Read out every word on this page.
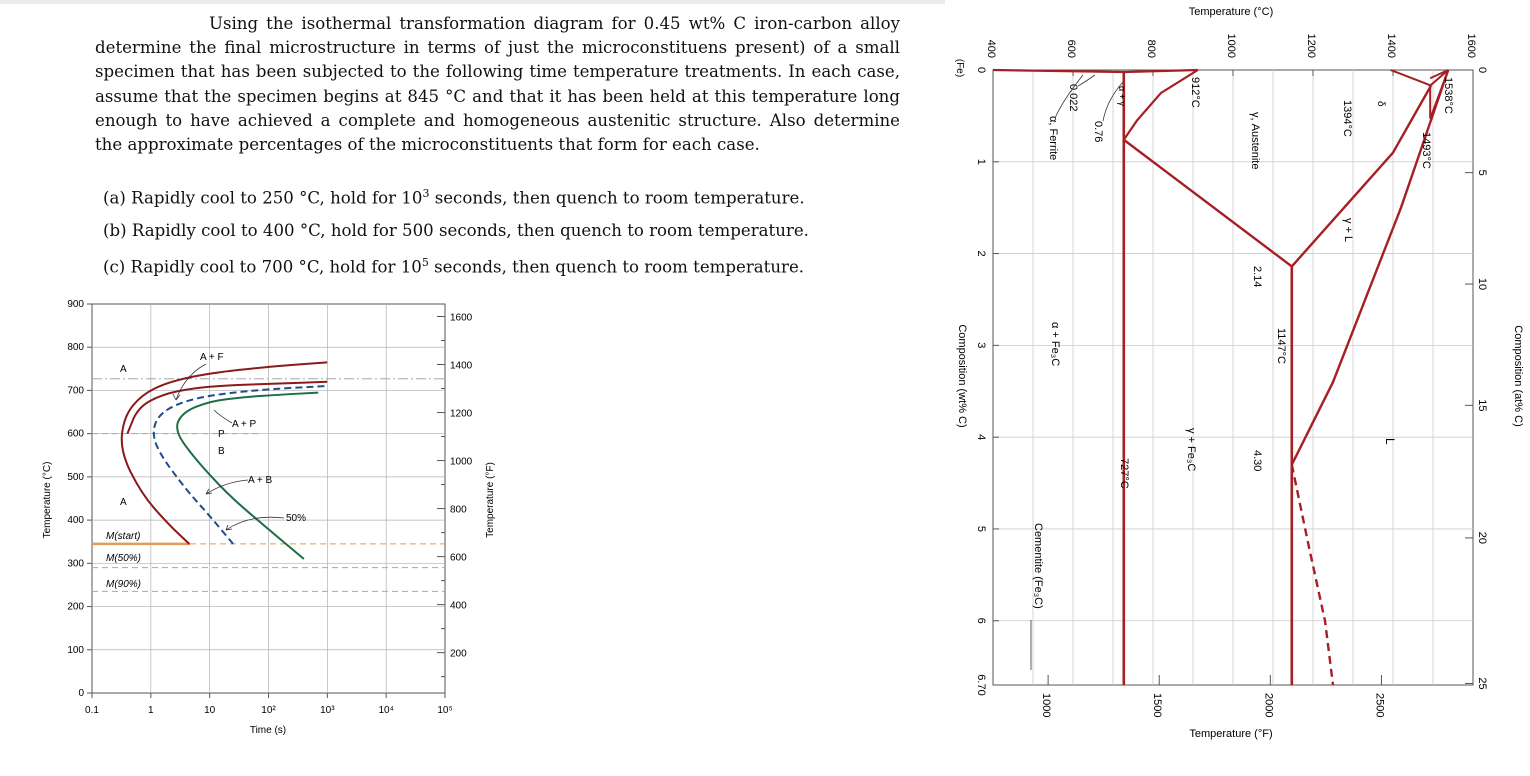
Using the isothermal transformation diagram for 0.45 wt% C iron-carbon alloy determine the final microstructure in terms of just the microconstituens present) of a small specimen that has been subjected to the following time temperature treatments. In each case, assume that the specimen begins at 845 °C and that it has been held at this temperature long enough to have achieved a complete and homogeneous austenitic structure. Also determine the approximate percentages of the microconstituents that form for each case.
(a) Rapidly cool to 250 °C, hold for $10^3$ seconds, then quench to room temperature.
(b) Rapidly cool to 400 °C, hold for 500 seconds, then quench to room temperature.
(c) Rapidly cool to 700 °C, hold for $10^5$ seconds, then quench to room temperature.
0
100
200
300
400
500
600
700
800
900
200
400
600
800
1000
1200
1400
1600
0.1	1	10	10²	10³	10⁴	10⁵
M(start)
M(50%)
M(90%)
A
A + F
A + P
P
B
A + B
A
50%
Temperature (°C)	Temperature (°F)
Time (s)
400	600	800	1000	1200	1400	1600
0
1
2
3
4
5
6
6.70
1000	1500	2000	2500
0
5
10
15
20
25
1538°C
1493°C
1394°C
912°C
1147°C
727°C
0.022
0.76
2.14
4.30
δ
α, Ferrite
α + γ
γ, Austenite
γ + L
L
α + Fe₃C
γ + Fe₃C
Cementite (Fe₃C)
Temperature (°C)
Temperature (°F)
Composition (wt% C)	Composition (at% C)
(Fe)
